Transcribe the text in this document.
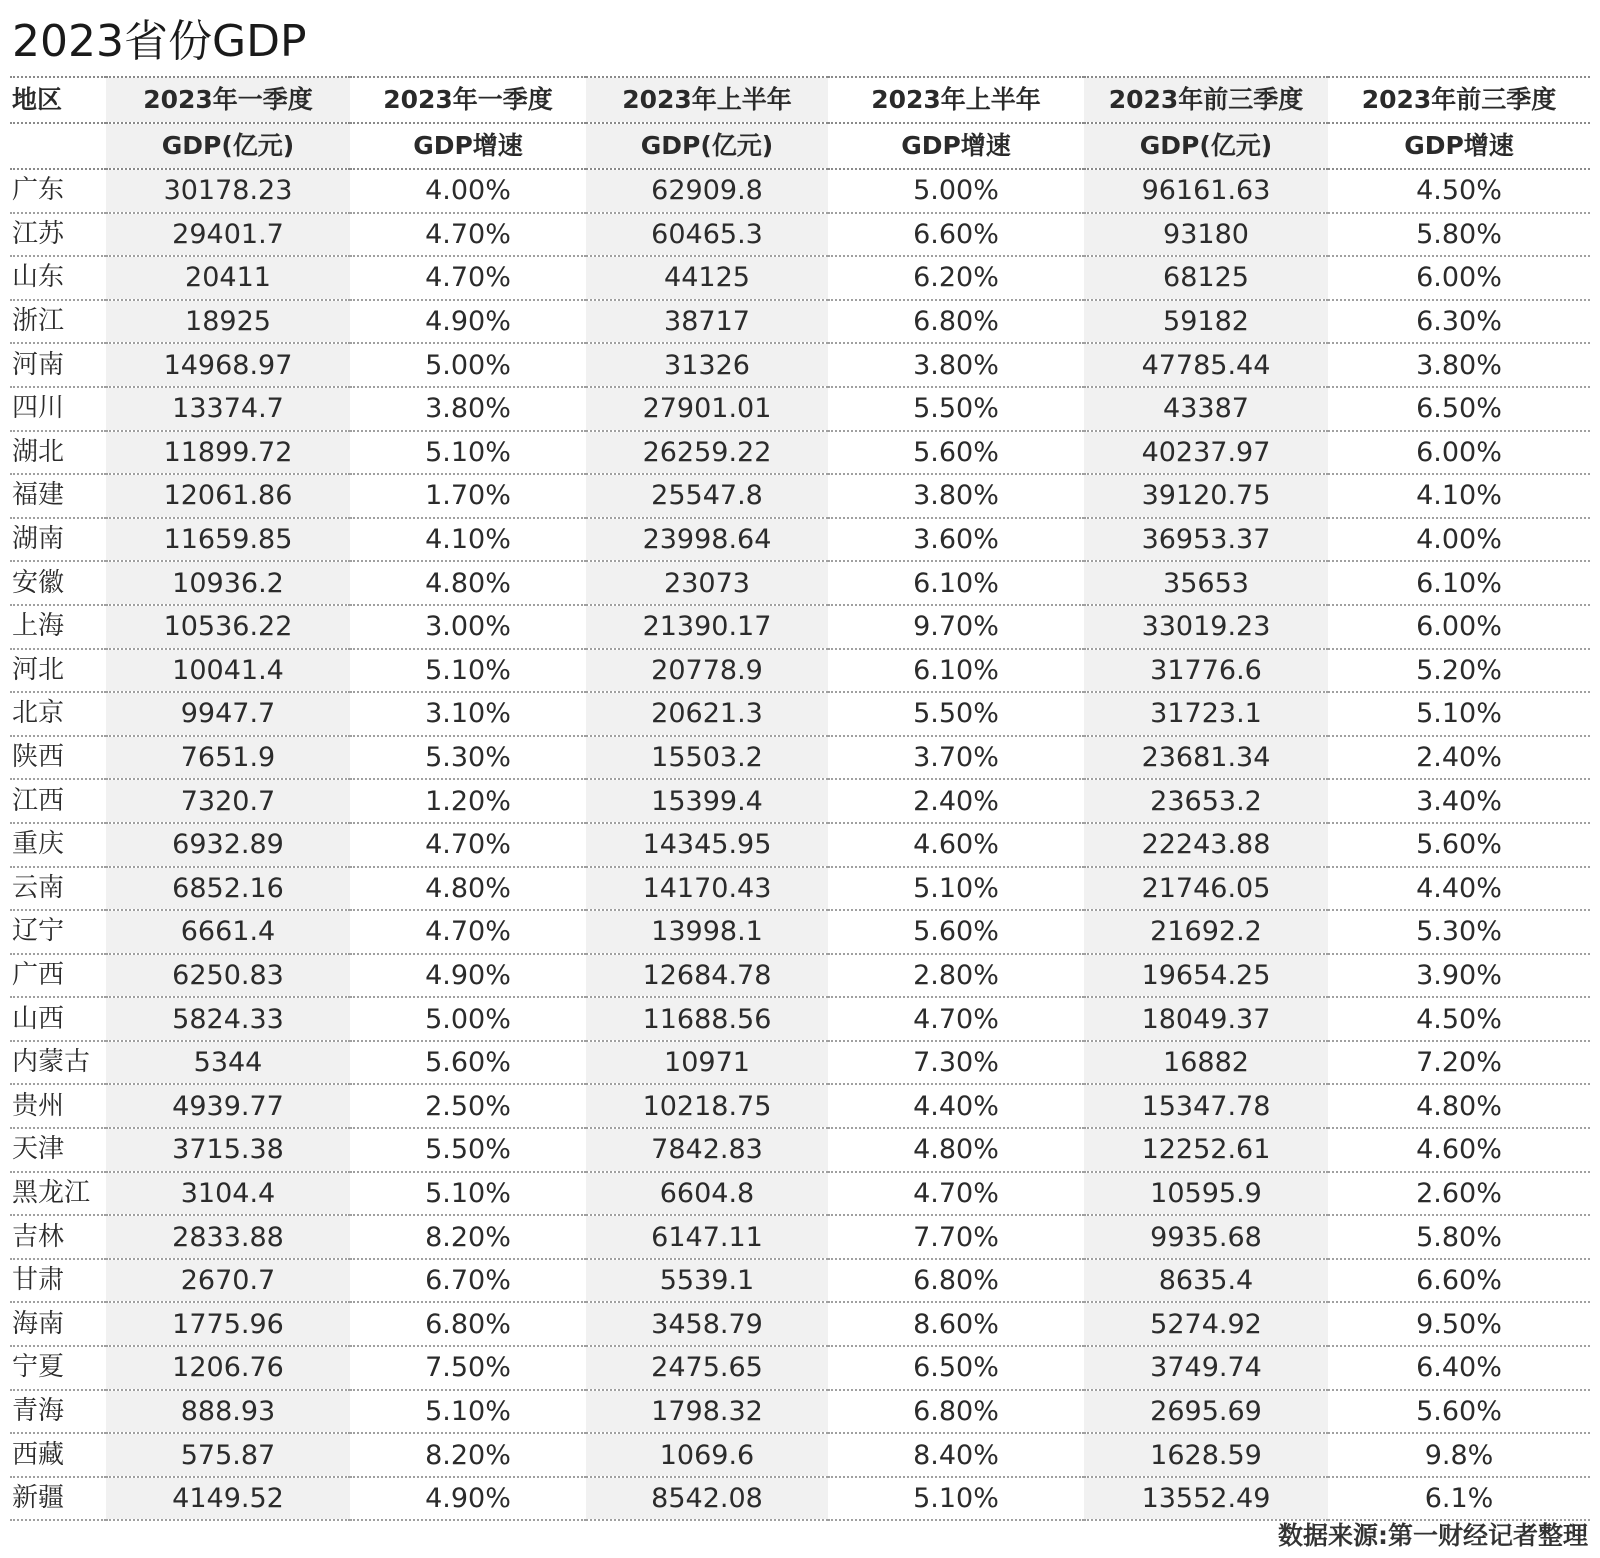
2023省份GDP
地区	2023年一季度	2023年一季度	2023年上半年	2023年上半年	2023年前三季度	2023年前三季度
	GDP(亿元)	GDP增速	GDP(亿元)	GDP增速	GDP(亿元)	GDP增速
广东	30178.23	4.00%	62909.8	5.00%	96161.63	4.50%
江苏	29401.7	4.70%	60465.3	6.60%	93180	5.80%
山东	20411	4.70%	44125	6.20%	68125	6.00%
浙江	18925	4.90%	38717	6.80%	59182	6.30%
河南	14968.97	5.00%	31326	3.80%	47785.44	3.80%
四川	13374.7	3.80%	27901.01	5.50%	43387	6.50%
湖北	11899.72	5.10%	26259.22	5.60%	40237.97	6.00%
福建	12061.86	1.70%	25547.8	3.80%	39120.75	4.10%
湖南	11659.85	4.10%	23998.64	3.60%	36953.37	4.00%
安徽	10936.2	4.80%	23073	6.10%	35653	6.10%
上海	10536.22	3.00%	21390.17	9.70%	33019.23	6.00%
河北	10041.4	5.10%	20778.9	6.10%	31776.6	5.20%
北京	9947.7	3.10%	20621.3	5.50%	31723.1	5.10%
陕西	7651.9	5.30%	15503.2	3.70%	23681.34	2.40%
江西	7320.7	1.20%	15399.4	2.40%	23653.2	3.40%
重庆	6932.89	4.70%	14345.95	4.60%	22243.88	5.60%
云南	6852.16	4.80%	14170.43	5.10%	21746.05	4.40%
辽宁	6661.4	4.70%	13998.1	5.60%	21692.2	5.30%
广西	6250.83	4.90%	12684.78	2.80%	19654.25	3.90%
山西	5824.33	5.00%	11688.56	4.70%	18049.37	4.50%
内蒙古	5344	5.60%	10971	7.30%	16882	7.20%
贵州	4939.77	2.50%	10218.75	4.40%	15347.78	4.80%
天津	3715.38	5.50%	7842.83	4.80%	12252.61	4.60%
黑龙江	3104.4	5.10%	6604.8	4.70%	10595.9	2.60%
吉林	2833.88	8.20%	6147.11	7.70%	9935.68	5.80%
甘肃	2670.7	6.70%	5539.1	6.80%	8635.4	6.60%
海南	1775.96	6.80%	3458.79	8.60%	5274.92	9.50%
宁夏	1206.76	7.50%	2475.65	6.50%	3749.74	6.40%
青海	888.93	5.10%	1798.32	6.80%	2695.69	5.60%
西藏	575.87	8.20%	1069.6	8.40%	1628.59	9.8%
新疆	4149.52	4.90%	8542.08	5.10%	13552.49	6.1%
数据来源:第一财经记者整理
